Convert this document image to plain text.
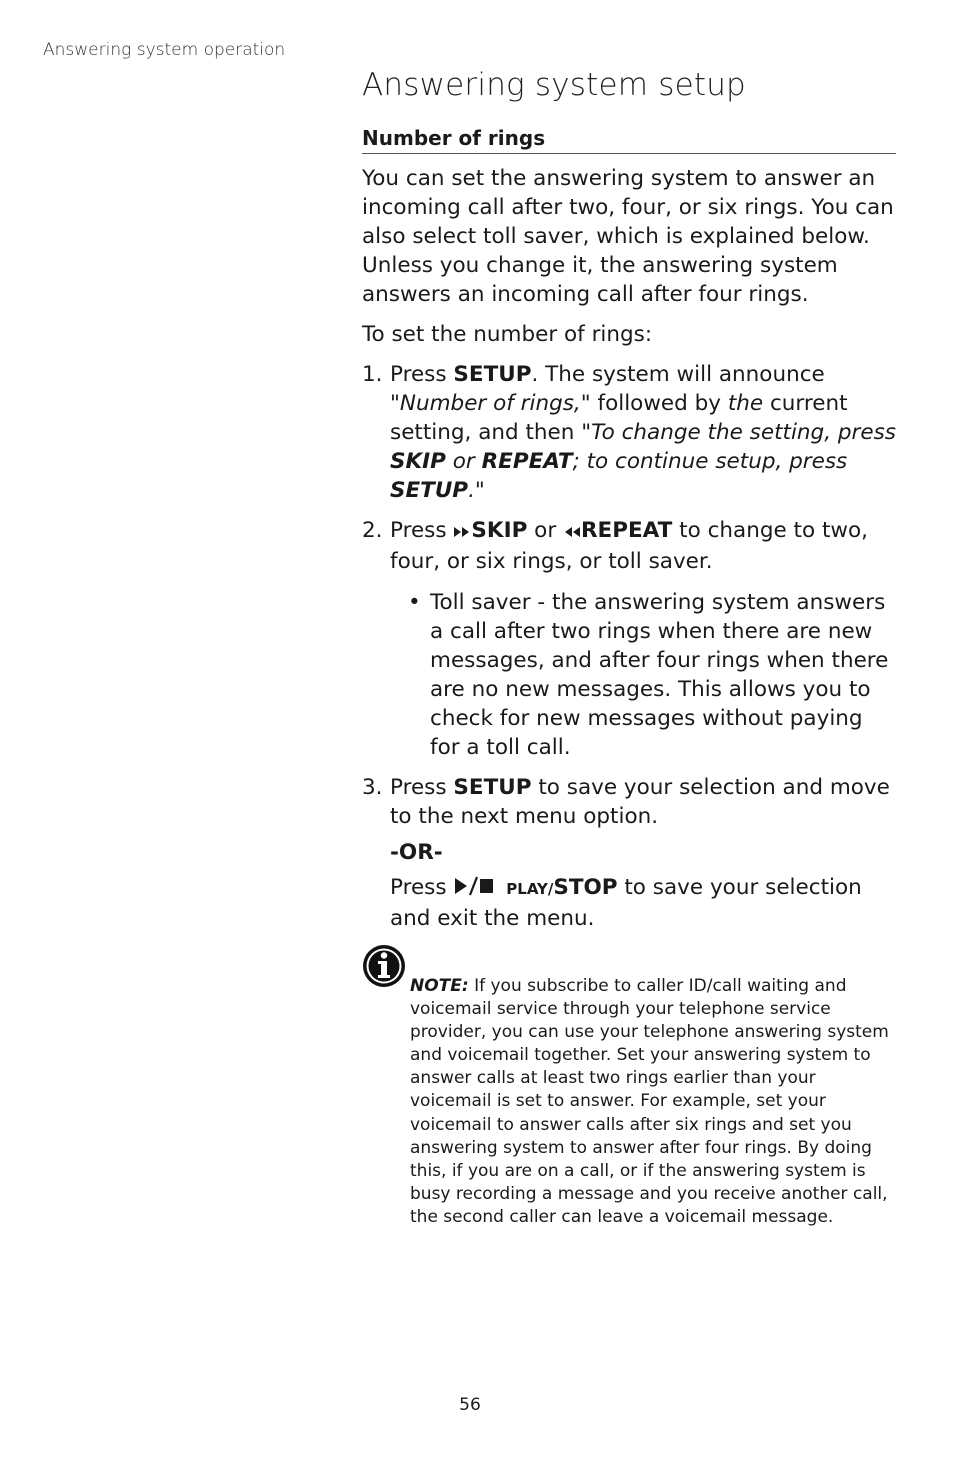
Answering system operation
Answering system setup
Number of rings

You can set the answering system to answer an incoming call after two, four, or six rings. You can also select toll saver, which is explained below. Unless you change it, the answering system answers an incoming call after four rings.

To set the number of rings:

1. Press SETUP. The system will announce "Number of rings," followed by the current setting, and then "To change the setting, press SKIP or REPEAT; to continue setup, press SETUP."
2. Press SKIP or REPEAT to change to two, four, or six rings, or toll saver.
• Toll saver - the answering system answers a call after two rings when there are new messages, and after four rings when there are no new messages. This allows you to check for new messages without paying for a toll call.
3. Press SETUP to save your selection and move to the next menu option.
-OR-
Press	PLAY/STOP to save your selection and exit the menu.
NOTE: If you subscribe to caller ID/call waiting and voicemail service through your telephone service provider, you can use your telephone answering system and voicemail together. Set your answering system to answer calls at least two rings earlier than your voicemail is set to answer. For example, set your voicemail to answer calls after six rings and set you answering system to answer after four rings. By doing this, if you are on a call, or if the answering system is busy recording a message and you receive another call, the second caller can leave a voicemail message.
56
